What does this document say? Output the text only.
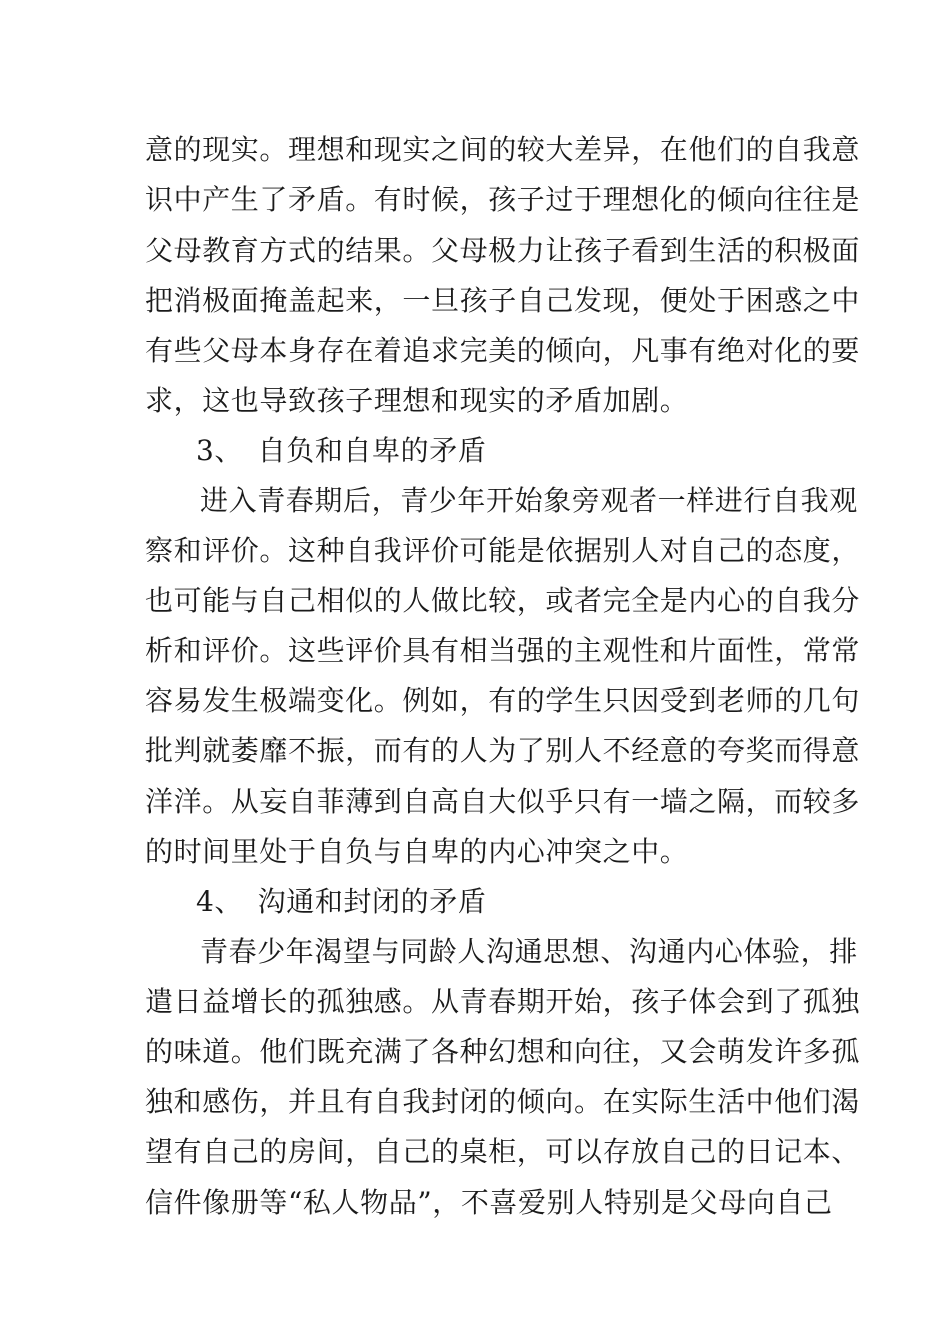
意的现实。理想和现实之间的较大差异，在他们的自我意
识中产生了矛盾。有时候，孩子过于理想化的倾向往往是
父母教育方式的结果。父母极力让孩子看到生活的积极面
把消极面掩盖起来，一旦孩子自己发现，便处于困惑之中
有些父母本身存在着追求完美的倾向，凡事有绝对化的要
求，这也导致孩子理想和现实的矛盾加剧。
3、　自负和自卑的矛盾
进入青春期后，青少年开始象旁观者一样进行自我观
察和评价。这种自我评价可能是依据别人对自己的态度，
也可能与自己相似的人做比较，或者完全是内心的自我分
析和评价。这些评价具有相当强的主观性和片面性，常常
容易发生极端变化。例如，有的学生只因受到老师的几句
批判就萎靡不振，而有的人为了别人不经意的夸奖而得意
洋洋。从妄自菲薄到自高自大似乎只有一墙之隔，而较多
的时间里处于自负与自卑的内心冲突之中。
4、　沟通和封闭的矛盾
青春少年渴望与同龄人沟通思想、沟通内心体验，排
遣日益增长的孤独感。从青春期开始，孩子体会到了孤独
的味道。他们既充满了各种幻想和向往，又会萌发许多孤
独和感伤，并且有自我封闭的倾向。在实际生活中他们渴
望有自己的房间，自己的桌柜，可以存放自己的日记本、
信件像册等“私人物品”，不喜爱别人特别是父母向自己
